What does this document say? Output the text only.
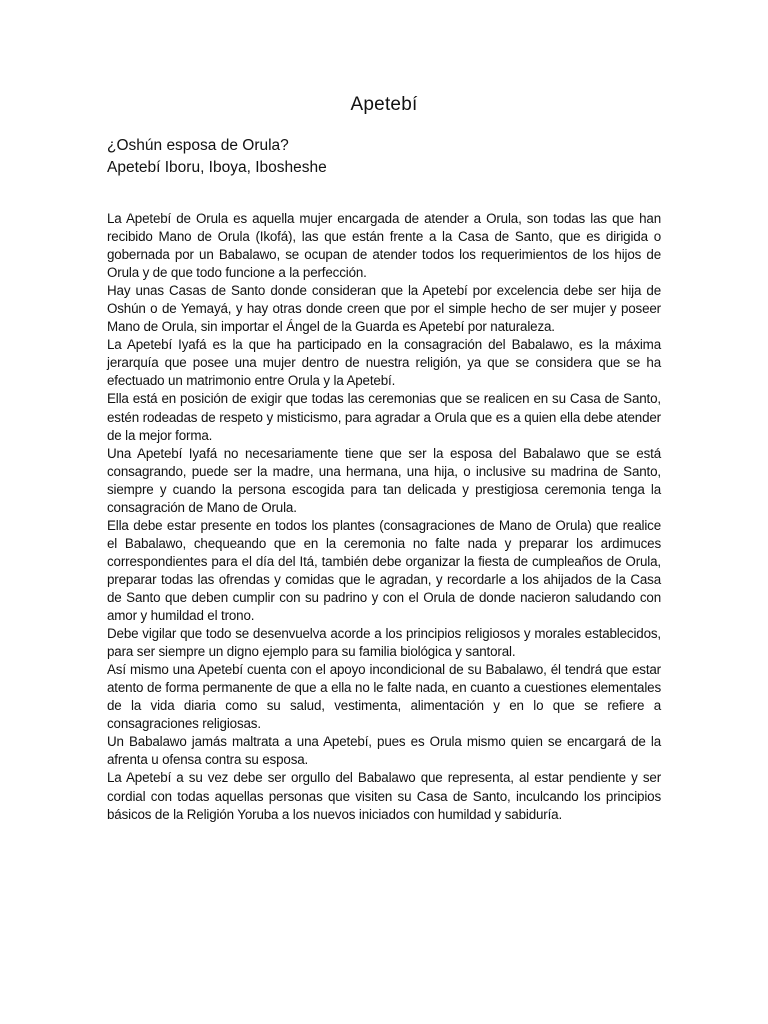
Apetebí
¿Oshún esposa de Orula?
Apetebí Iboru, Iboya, Ibosheshe

La Apetebí de Orula es aquella mujer encargada de atender a Orula, son todas las que han recibido Mano de Orula (Ikofá), las que están frente a la Casa de Santo, que es dirigida o gobernada por un Babalawo, se ocupan de atender todos los requerimientos de los hijos de Orula y de que todo funcione a la perfección.

Hay unas Casas de Santo donde consideran que la Apetebí por excelencia debe ser hija de Oshún o de Yemayá, y hay otras donde creen que por el simple hecho de ser mujer y poseer Mano de Orula, sin importar el Ángel de la Guarda es Apetebí por naturaleza.

La Apetebí Iyafá es la que ha participado en la consagración del Babalawo, es la máxima jerarquía que posee una mujer dentro de nuestra religión, ya que se considera que se ha efectuado un matrimonio entre Orula y la Apetebí.

Ella está en posición de exigir que todas las ceremonias que se realicen en su Casa de Santo, estén rodeadas de respeto y misticismo, para agradar a Orula que es a quien ella debe atender de la mejor forma.

Una Apetebí Iyafá no necesariamente tiene que ser la esposa del Babalawo que se está consagrando, puede ser la madre, una hermana, una hija, o inclusive su madrina de Santo, siempre y cuando la persona escogida para tan delicada y prestigiosa ceremonia tenga la consagración de Mano de Orula.

Ella debe estar presente en todos los plantes (consagraciones de Mano de Orula) que realice el Babalawo, chequeando que en la ceremonia no falte nada y preparar los ardimuces correspondientes para el día del Itá, también debe organizar la fiesta de cumpleaños de Orula, preparar todas las ofrendas y comidas que le agradan, y recordarle a los ahijados de la Casa de Santo que deben cumplir con su padrino y con el Orula de donde nacieron saludando con amor y humildad el trono.

Debe vigilar que todo se desenvuelva acorde a los principios religiosos y morales establecidos, para ser siempre un digno ejemplo para su familia biológica y santoral.

Así mismo una Apetebí cuenta con el apoyo incondicional de su Babalawo, él tendrá que estar atento de forma permanente de que a ella no le falte nada, en cuanto a cuestiones elementales de la vida diaria como su salud, vestimenta, alimentación y en lo que se refiere a consagraciones religiosas.

Un Babalawo jamás maltrata a una Apetebí, pues es Orula mismo quien se encargará de la afrenta u ofensa contra su esposa.

La Apetebí a su vez debe ser orgullo del Babalawo que representa, al estar pendiente y ser cordial con todas aquellas personas que visiten su Casa de Santo, inculcando los principios básicos de la Religión Yoruba a los nuevos iniciados con humildad y sabiduría.
